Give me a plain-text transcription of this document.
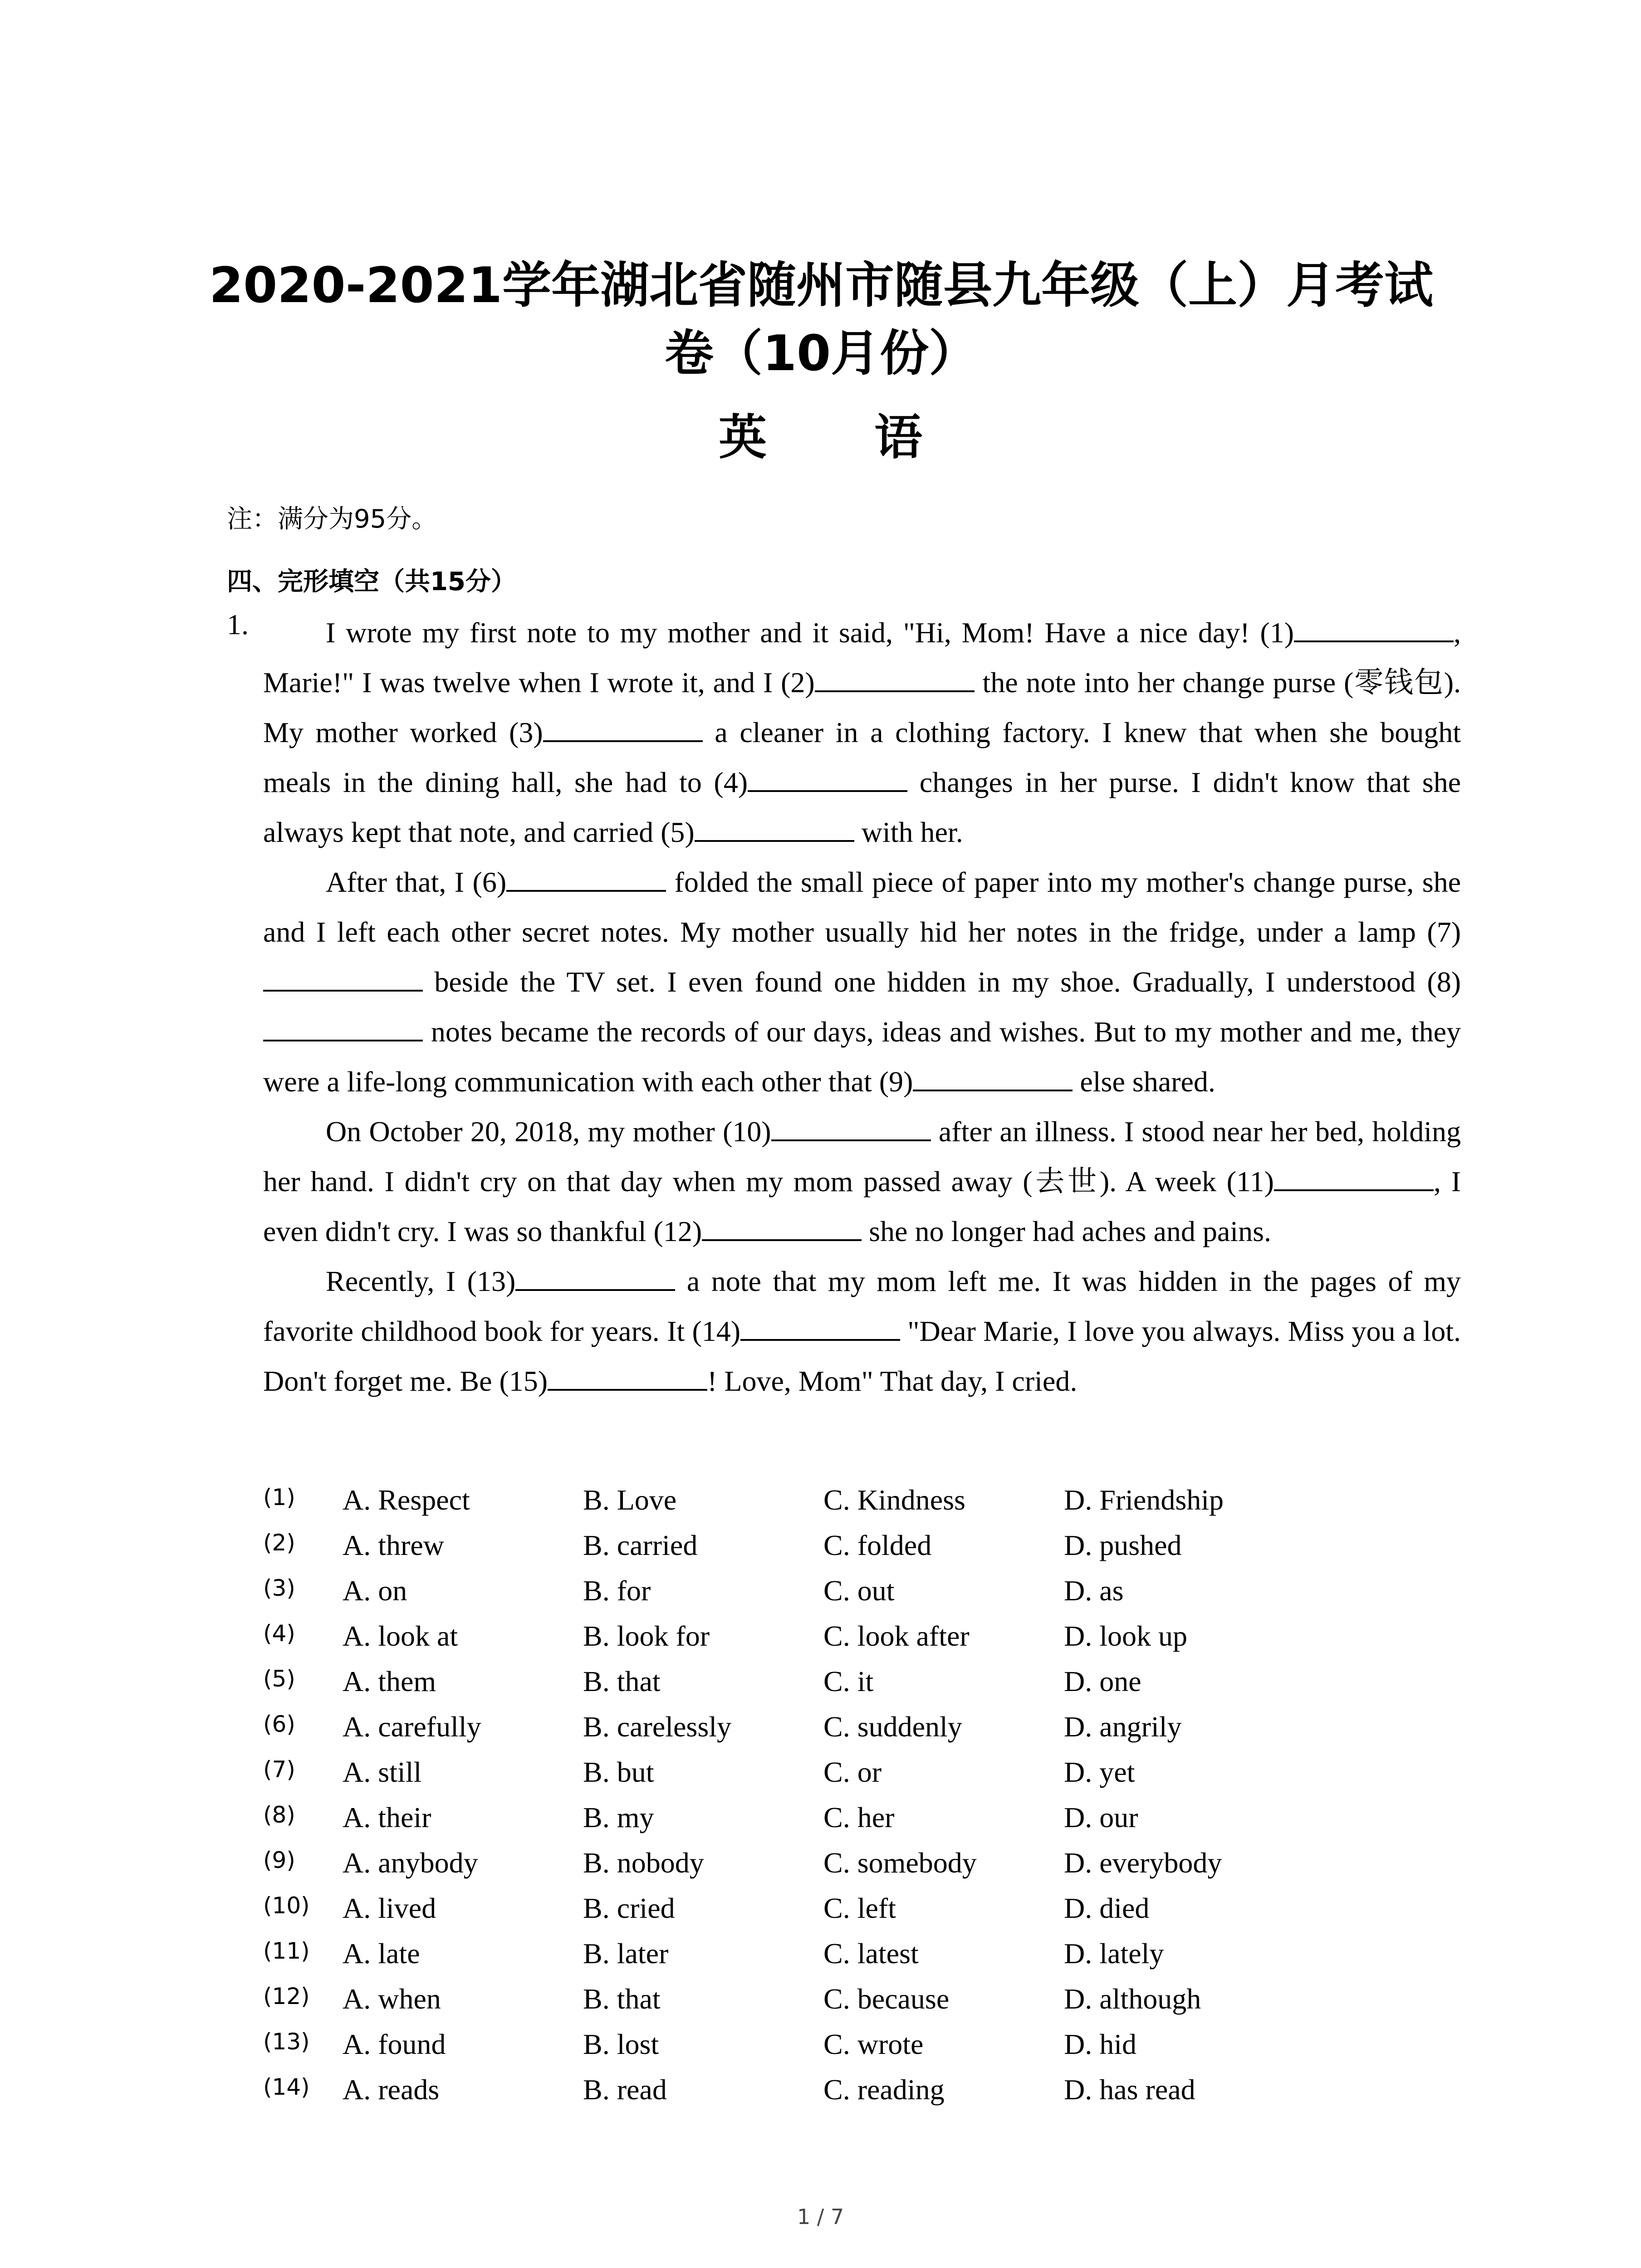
2020-2021学年湖北省随州市随县九年级（上）月考试
卷（10月份）
英 语
注：满分为95分。
四、完形填空（共15分）
1.	I wrote my first note to my mother and it said, "Hi, Mom! Have a nice day! (1)	, Marie!" I was twelve when I wrote it, and I (2)	the note into her change purse (零钱包). My mother worked (3)	a cleaner in a clothing factory. I knew that when she bought meals in the dining hall, she had to (4)	changes in her purse. I didn't know that she always kept that note, and carried (5)	with her.

After that, I (6)	folded the small piece of paper into my mother's change purse, she and I left each other secret notes. My mother usually hid her notes in the fridge, under a lamp (7) beside the TV set. I even found one hidden in my shoe. Gradually, I understood (8) notes became the records of our days, ideas and wishes. But to my mother and me, they were a life-long communication with each other that (9)	else shared.

On October 20, 2018, my mother (10)	after an illness. I stood near her bed, holding her hand. I didn't cry on that day when my mom passed away (去世). A week (11)	, I even didn't cry. I was so thankful (12)	she no longer had aches and pains.

Recently, I (13)	a note that my mom left me. It was hidden in the pages of my favorite childhood book for years. It (14)	"Dear Marie, I love you always. Miss you a lot. Don't forget me. Be (15)	! Love, Mom" That day, I cried.

(1) A. Respect	B. Love	C. Kindness	D. Friendship
(2) A. threw	B. carried	C. folded	D. pushed
(3) A. on	B. for	C. out	D. as
(4) A. look at	B. look for	C. look after	D. look up
(5) A. them	B. that	C. it	D. one
(6) A. carefully	B. carelessly	C. suddenly	D. angrily
(7) A. still	B. but	C. or	D. yet
(8) A. their	B. my	C. her	D. our
(9) A. anybody	B. nobody	C. somebody	D. everybody
(10) A. lived	B. cried	C. left	D. died
(11) A. late	B. later	C. latest	D. lately
(12) A. when	B. that	C. because	D. although
(13) A. found	B. lost	C. wrote	D. hid
(14) A. reads	B. read	C. reading	D. has read
1 / 7
